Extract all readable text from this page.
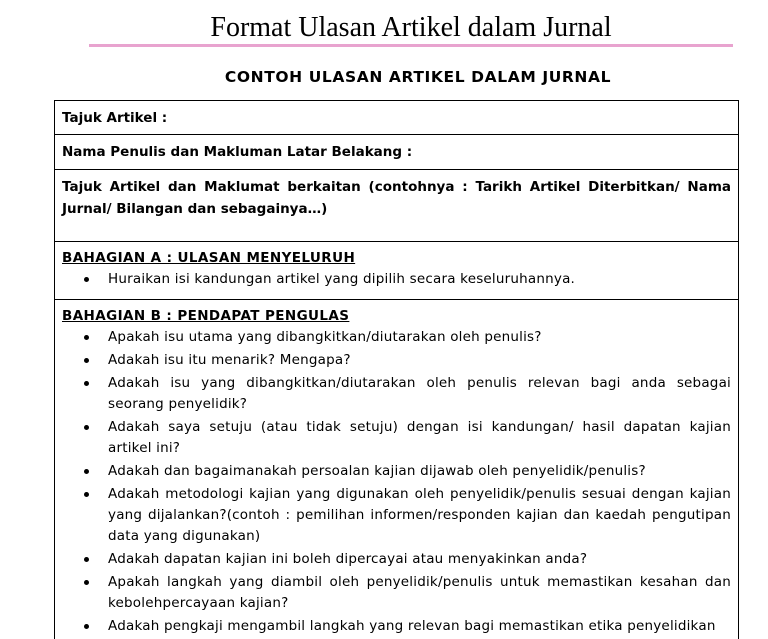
Format Ulasan Artikel dalam Jurnal
CONTOH ULASAN ARTIKEL DALAM JURNAL
Tajuk Artikel :
Nama Penulis dan Makluman Latar Belakang :
Tajuk Artikel dan Maklumat berkaitan (contohnya : Tarikh Artikel Diterbitkan/ Nama Jurnal/ Bilangan dan sebagainya…)
BAHAGIAN A : ULASAN MENYELURUH
Huraikan isi kandungan artikel yang dipilih secara keseluruhannya.
BAHAGIAN B : PENDAPAT PENGULAS
Apakah isu utama yang dibangkitkan/diutarakan oleh penulis?
Adakah isu itu menarik? Mengapa?
Adakah isu yang dibangkitkan/diutarakan oleh penulis relevan bagi anda sebagai seorang penyelidik?
Adakah saya setuju (atau tidak setuju) dengan isi kandungan/ hasil dapatan kajian artikel ini?
Adakah dan bagaimanakah persoalan kajian dijawab oleh penyelidik/penulis?
Adakah metodologi kajian yang digunakan oleh penyelidik/penulis sesuai dengan kajian yang dijalankan?(contoh : pemilihan informen/responden kajian dan kaedah pengutipan data yang digunakan)
Adakah dapatan kajian ini boleh dipercayai atau menyakinkan anda?
Apakah langkah yang diambil oleh penyelidik/penulis untuk memastikan kesahan dan kebolehpercayaan kajian?
Adakah pengkaji mengambil langkah yang relevan bagi memastikan etika penyelidikan
